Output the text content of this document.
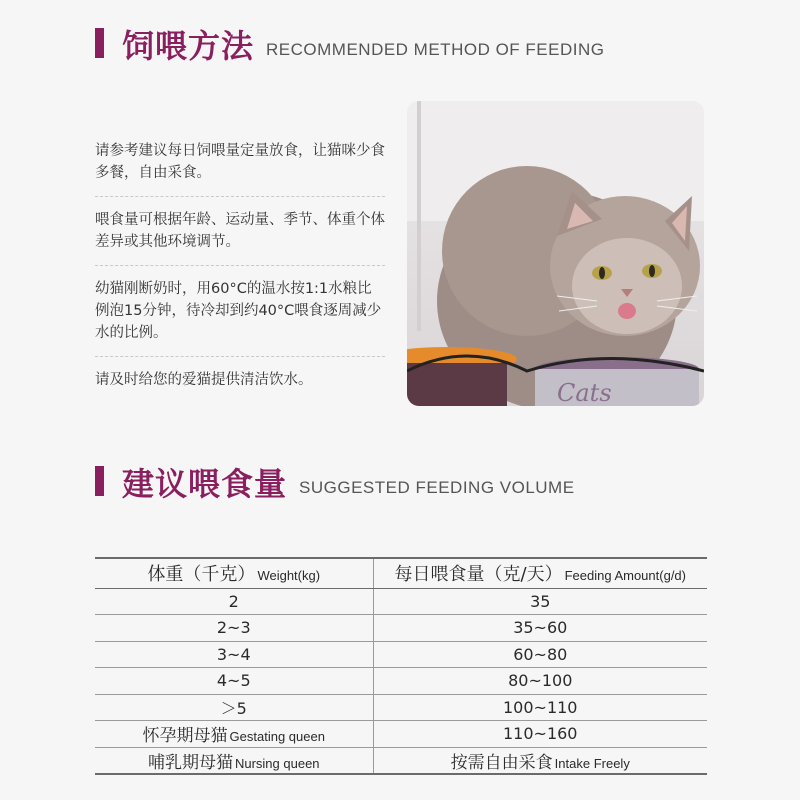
饲喂方法 RECOMMENDED METHOD OF FEEDING

请参考建议每日饲喂量定量放食，让猫咪少食多餐，自由采食。

喂食量可根据年龄、运动量、季节、体重个体差异或其他环境调节。

幼猫刚断奶时，用60°C的温水按1:1水粮比例泡15分钟，待冷却到约40°C喂食逐周减少水的比例。

请及时给您的爱猫提供清洁饮水。	Cats
建议喂食量 SUGGESTED FEEDING VOLUME
体重（千克） Weight(kg)	每日喂食量（克/天） Feeding Amount(g/d)
2	35
2~3	35~60
3~4	60~80
4~5	80~100
＞5	100~110
怀孕期母猫 Gestating queen	110~160
哺乳期母猫 Nursing queen	按需自由采食 Intake Freely
